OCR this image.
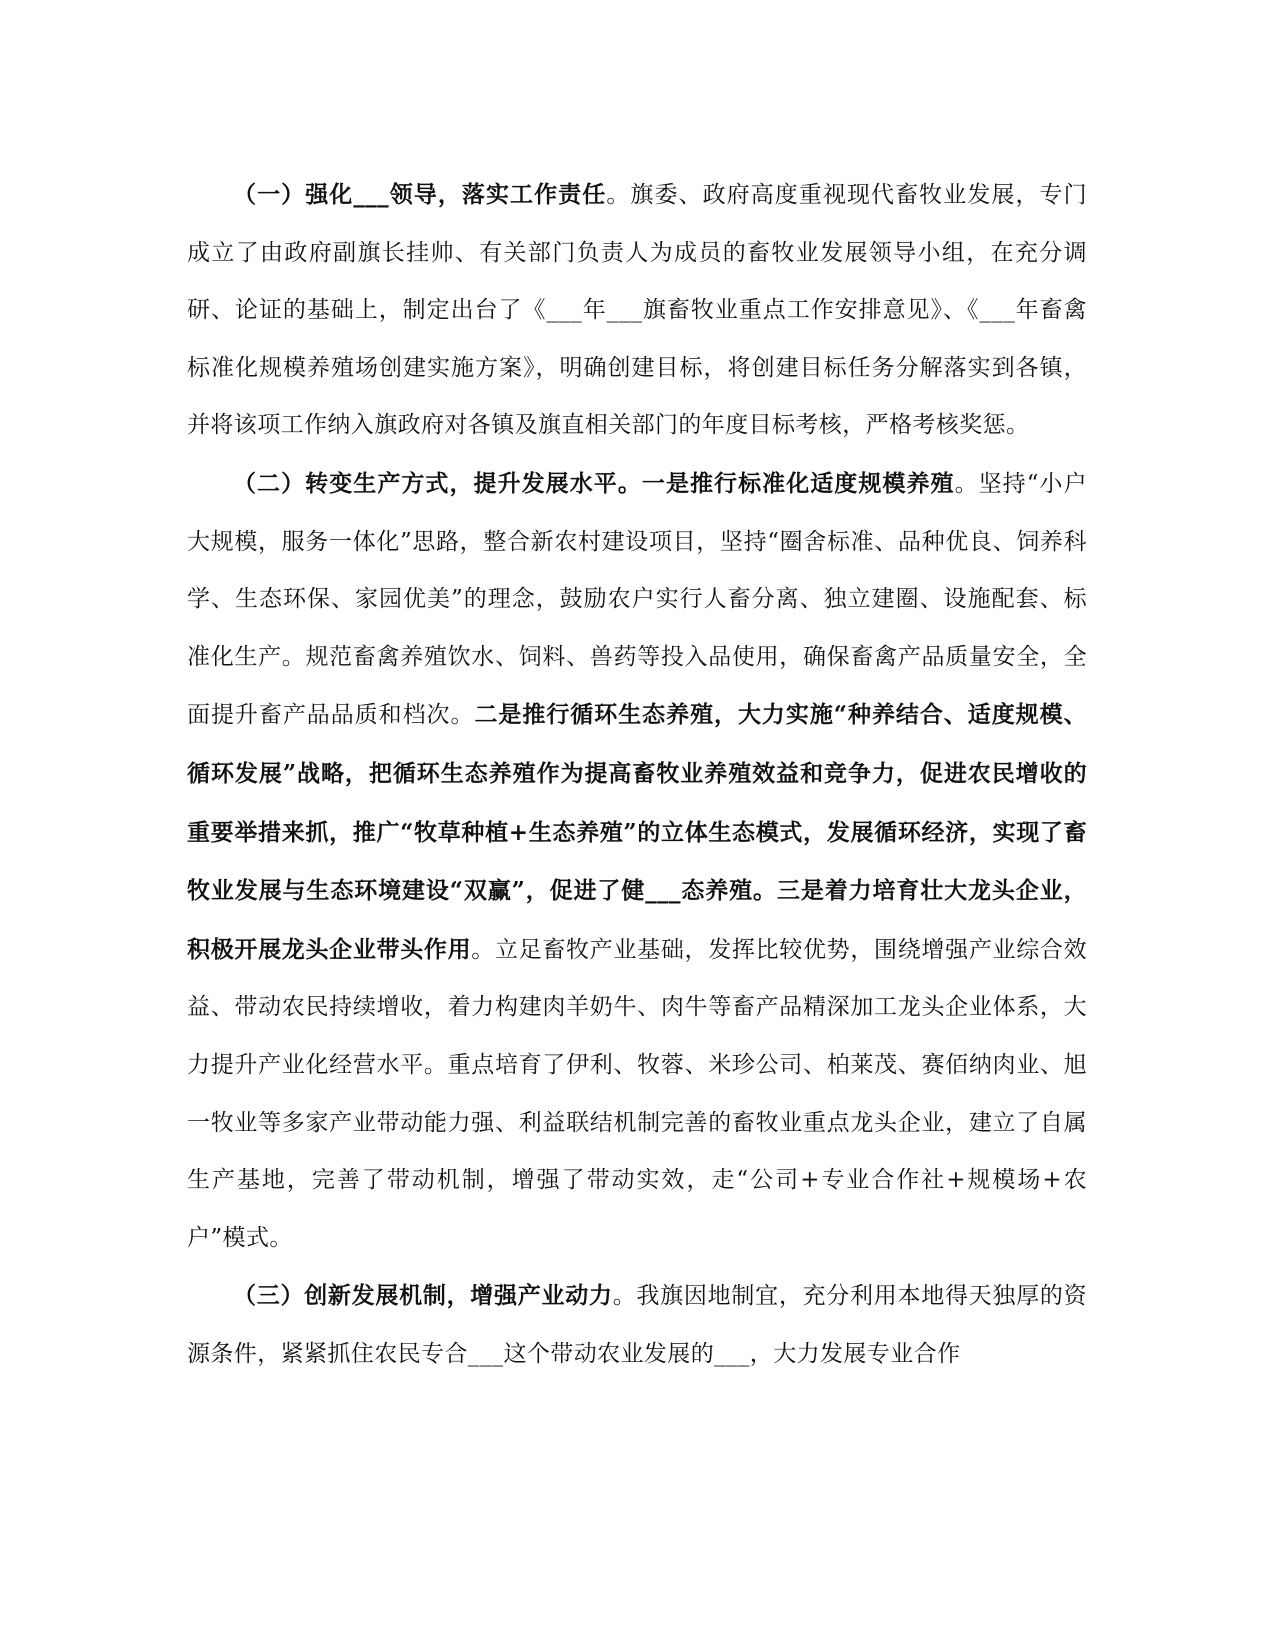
（一）强化___领导，落实工作责任。旗委、政府高度重视现代畜牧业发展，专门成立了由政府副旗长挂帅、有关部门负责人为成员的畜牧业发展领导小组，在充分调研、论证的基础上，制定出台了《___年___旗畜牧业重点工作安排意见》、《___年畜禽标准化规模养殖场创建实施方案》，明确创建目标，将创建目标任务分解落实到各镇，并将该项工作纳入旗政府对各镇及旗直相关部门的年度目标考核，严格考核奖惩。

（二）转变生产方式，提升发展水平。一是推行标准化适度规模养殖。坚持“小户大规模，服务一体化”思路，整合新农村建设项目，坚持“圈舍标准、品种优良、饲养科学、生态环保、家园优美”的理念，鼓励农户实行人畜分离、独立建圈、设施配套、标准化生产。规范畜禽养殖饮水、饲料、兽药等投入品使用，确保畜禽产品质量安全，全面提升畜产品品质和档次。二是推行循环生态养殖，大力实施“种养结合、适度规模、循环发展”战略，把循环生态养殖作为提高畜牧业养殖效益和竞争力，促进农民增收的重要举措来抓，推广“牧草种植+生态养殖”的立体生态模式，发展循环经济，实现了畜牧业发展与生态环境建设“双赢”，促进了健___态养殖。三是着力培育壮大龙头企业，积极开展龙头企业带头作用。立足畜牧产业基础，发挥比较优势，围绕增强产业综合效益、带动农民持续增收，着力构建肉羊奶牛、肉牛等畜产品精深加工龙头企业体系，大力提升产业化经营水平。重点培育了伊利、牧蓉、米珍公司、柏莱茂、赛佰纳肉业、旭一牧业等多家产业带动能力强、利益联结机制完善的畜牧业重点龙头企业，建立了自属生产基地，完善了带动机制，增强了带动实效，走“公司+专业合作社+规模场+农户”模式。

（三）创新发展机制，增强产业动力。我旗因地制宜，充分利用本地得天独厚的资源条件，紧紧抓住农民专合___这个带动农业发展的___，大力发展专业合作
